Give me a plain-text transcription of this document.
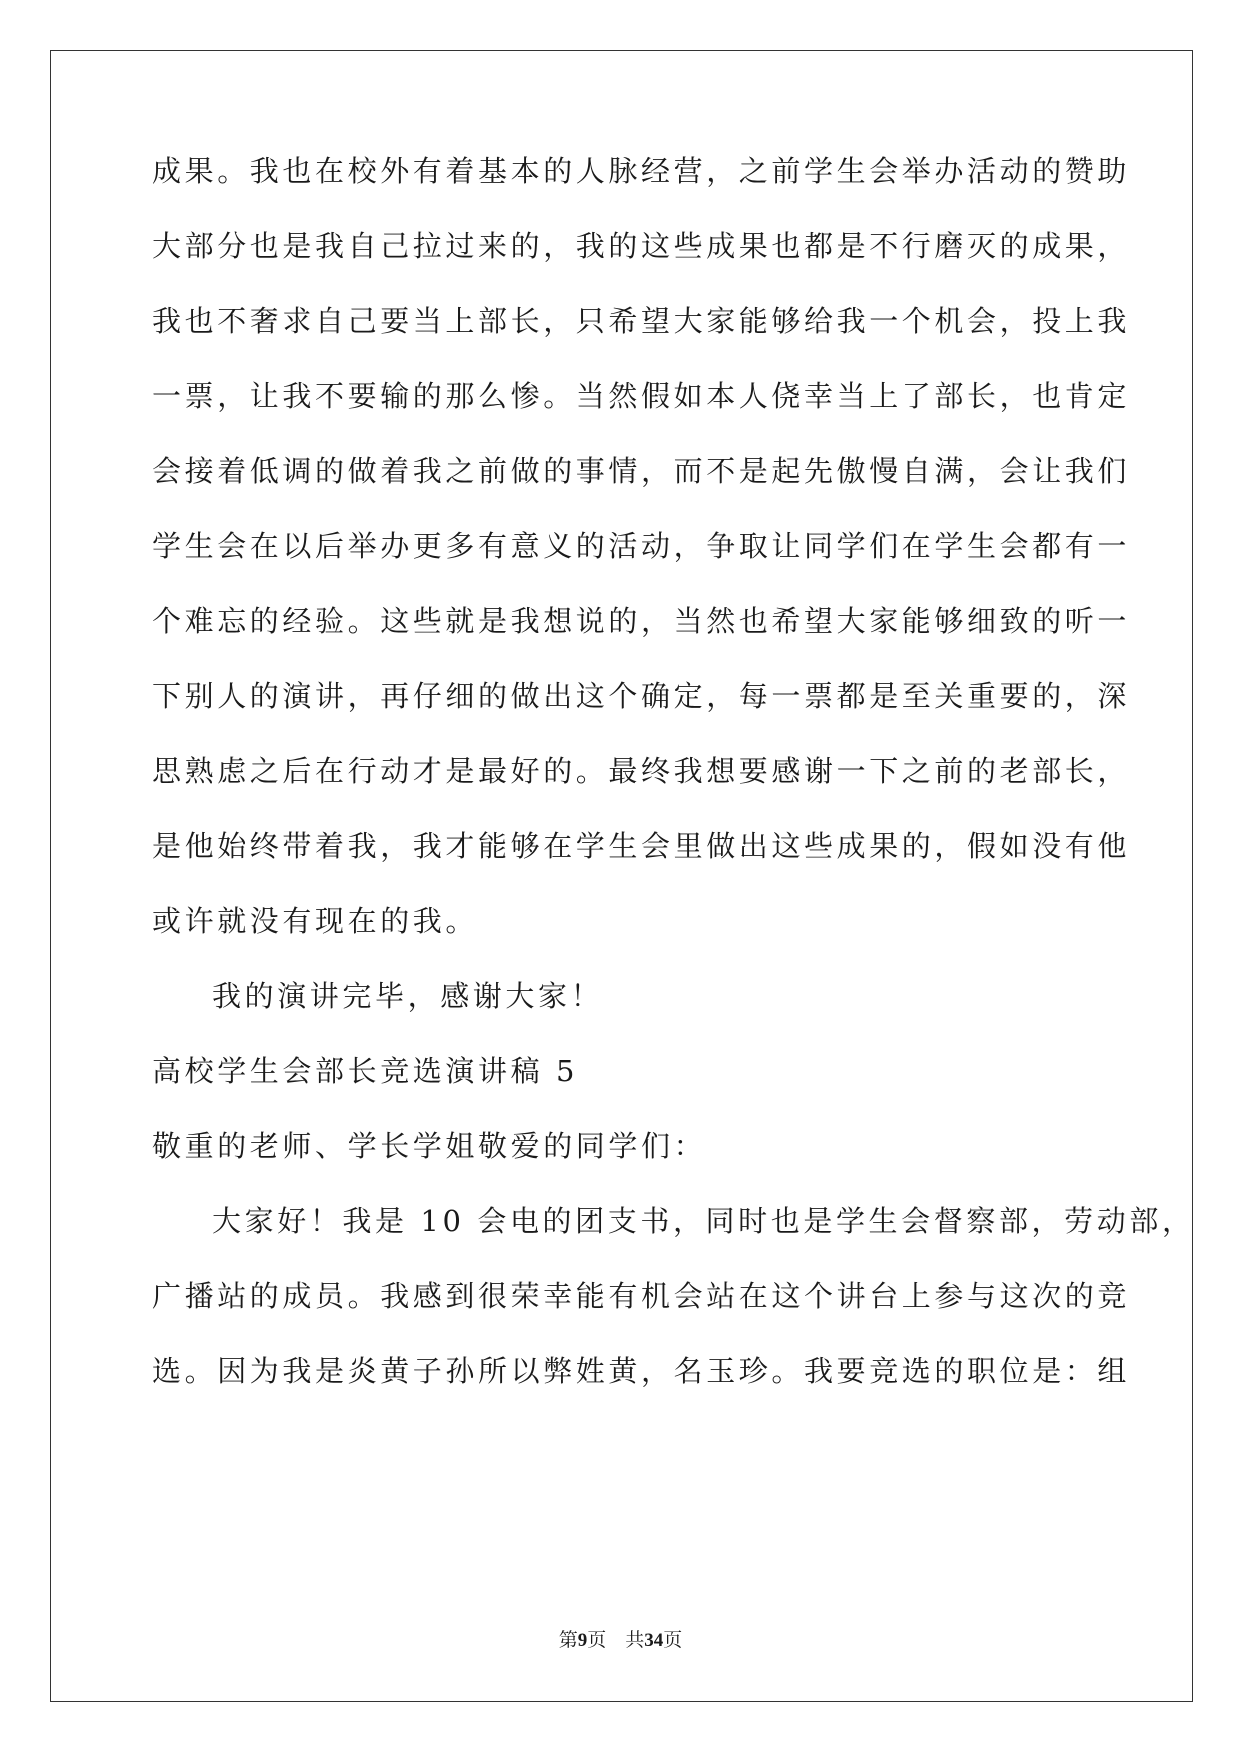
成果。我也在校外有着基本的人脉经营，之前学生会举办活动的赞助
大部分也是我自己拉过来的，我的这些成果也都是不行磨灭的成果，
我也不奢求自己要当上部长，只希望大家能够给我一个机会，投上我
一票，让我不要输的那么惨。当然假如本人侥幸当上了部长，也肯定
会接着低调的做着我之前做的事情，而不是起先傲慢自满，会让我们
学生会在以后举办更多有意义的活动，争取让同学们在学生会都有一
个难忘的经验。这些就是我想说的，当然也希望大家能够细致的听一
下别人的演讲，再仔细的做出这个确定，每一票都是至关重要的，深
思熟虑之后在行动才是最好的。最终我想要感谢一下之前的老部长，
是他始终带着我，我才能够在学生会里做出这些成果的，假如没有他
或许就没有现在的我。
我的演讲完毕，感谢大家！
高校学生会部长竞选演讲稿 5
敬重的老师、学长学姐敬爱的同学们：
大家好！我是 10 会电的团支书，同时也是学生会督察部，劳动部，
广播站的成员。我感到很荣幸能有机会站在这个讲台上参与这次的竞
选。因为我是炎黄子孙所以弊姓黄，名玉珍。我要竞选的职位是：组
第9页　共34页
